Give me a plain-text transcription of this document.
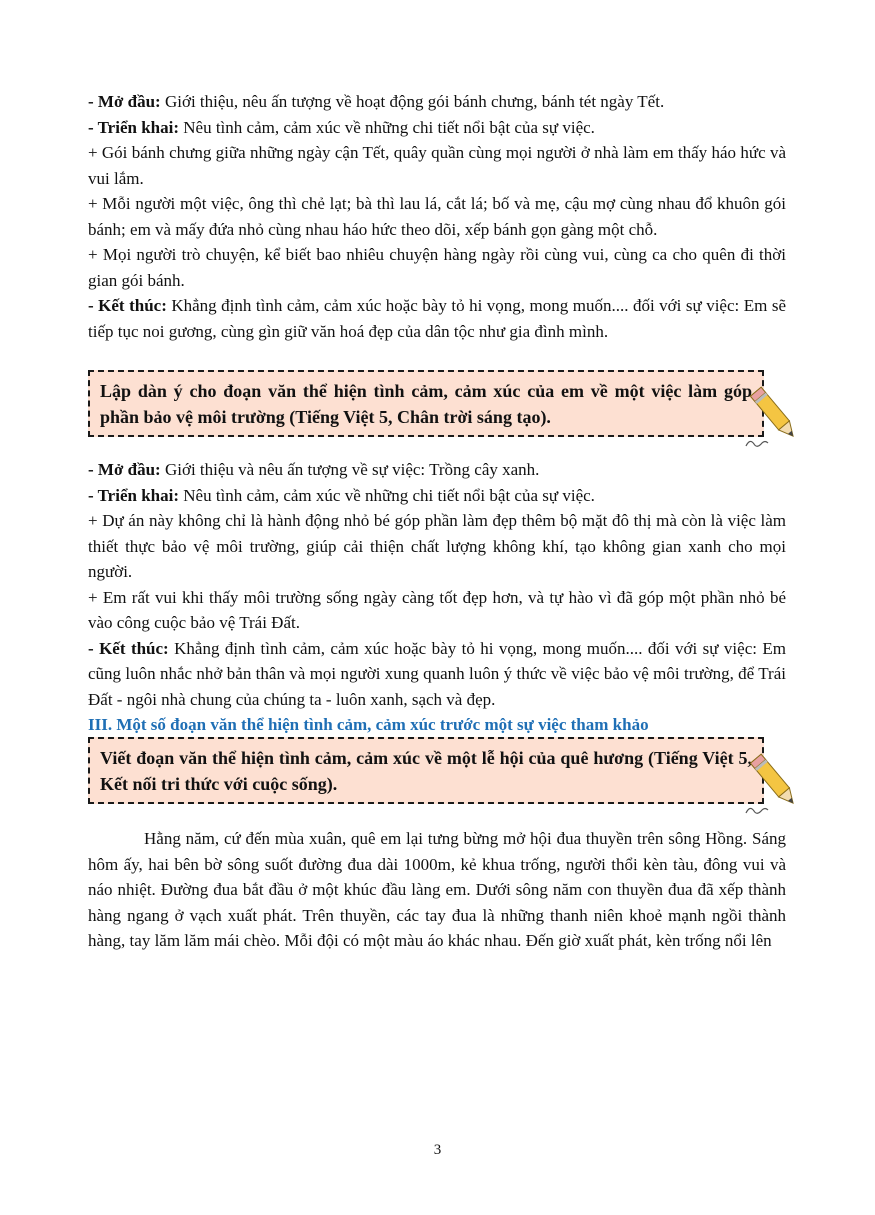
- Mở đầu: Giới thiệu, nêu ấn tượng về hoạt động gói bánh chưng, bánh tét ngày Tết.

- Triển khai: Nêu tình cảm, cảm xúc về những chi tiết nổi bật của sự việc.

+ Gói bánh chưng giữa những ngày cận Tết, quây quần cùng mọi người ở nhà làm em thấy háo hức và vui lắm.

+ Mỗi người một việc, ông thì chẻ lạt; bà thì lau lá, cắt lá; bố và mẹ, cậu mợ cùng nhau đổ khuôn gói bánh; em và mấy đứa nhỏ cùng nhau háo hức theo dõi, xếp bánh gọn gàng một chỗ.

+ Mọi người trò chuyện, kể biết bao nhiêu chuyện hàng ngày rồi cùng vui, cùng ca cho quên đi thời gian gói bánh.

- Kết thúc: Khẳng định tình cảm, cảm xúc hoặc bày tỏ hi vọng, mong muốn.... đối với sự việc: Em sẽ tiếp tục noi gương, cùng gìn giữ văn hoá đẹp của dân tộc như gia đình mình.

Lập dàn ý cho đoạn văn thể hiện tình cảm, cảm xúc của em về một việc làm góp phần bảo vệ môi trường (Tiếng Việt 5, Chân trời sáng tạo).

- Mở đầu: Giới thiệu và nêu ấn tượng về sự việc: Trồng cây xanh.

- Triển khai: Nêu tình cảm, cảm xúc về những chi tiết nổi bật của sự việc.

+ Dự án này không chỉ là hành động nhỏ bé góp phần làm đẹp thêm bộ mặt đô thị mà còn là việc làm thiết thực bảo vệ môi trường, giúp cải thiện chất lượng không khí, tạo không gian xanh cho mọi người.

+ Em rất vui khi thấy môi trường sống ngày càng tốt đẹp hơn, và tự hào vì đã góp một phần nhỏ bé vào công cuộc bảo vệ Trái Đất.

- Kết thúc: Khẳng định tình cảm, cảm xúc hoặc bày tỏ hi vọng, mong muốn.... đối với sự việc: Em cũng luôn nhắc nhở bản thân và mọi người xung quanh luôn ý thức về việc bảo vệ môi trường, để Trái Đất - ngôi nhà chung của chúng ta - luôn xanh, sạch và đẹp.

III. Một số đoạn văn thể hiện tình cảm, cảm xúc trước một sự việc tham khảo

Viết đoạn văn thể hiện tình cảm, cảm xúc về một lễ hội của quê hương (Tiếng Việt 5, Kết nối tri thức với cuộc sống).

Hằng năm, cứ đến mùa xuân, quê em lại tưng bừng mở hội đua thuyền trên sông Hồng. Sáng hôm ấy, hai bên bờ sông suốt đường đua dài 1000m, kẻ khua trống, người thổi kèn tàu, đông vui và náo nhiệt. Đường đua bắt đầu ở một khúc đầu làng em. Dưới sông năm con thuyền đua đã xếp thành hàng ngang ở vạch xuất phát. Trên thuyền, các tay đua là những thanh niên khoẻ mạnh ngồi thành hàng, tay lăm lăm mái chèo. Mỗi đội có một màu áo khác nhau. Đến giờ xuất phát, kèn trống nổi lên

3
